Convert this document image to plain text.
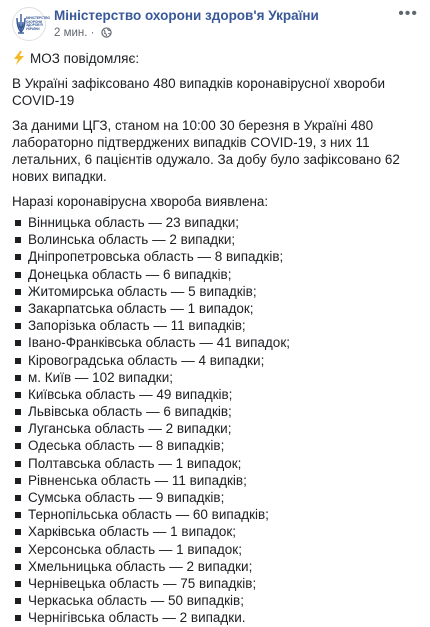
МІНІСТЕРСТВО ОХОРОНИ ЗДОРОВ'Я УКРАЇНИ
Міністерство охорони здоров'я України
2 мин. ·
•••

МОЗ повідомляє:

В Україні зафіксовано 480 випадків коронавірусної хвороби COVID-19

За даними ЦГЗ, станом на 10:00 30 березня в Україні 480 лабораторно підтверджених випадків COVID-19, з них 11 летальних, 6 пацієнтів одужало. За добу було зафіксовано 62 нових випадки.

Наразі коронавірусна хвороба виявлена:

Вінницька область — 23 випадки;
Волинська область — 2 випадки;
Дніпропетровська область — 8 випадків;
Донецька область — 6 випадків;
Житомирська область — 5 випадків;
Закарпатська область — 1 випадок;
Запорізька область — 11 випадків;
Івано-Франківська область — 41 випадок;
Кіровоградська область — 4 випадки;
м. Київ — 102 випадки;
Київська область — 49 випадків;
Львівська область — 6 випадків;
Луганська область — 2 випадки;
Одеська область — 8 випадків;
Полтавська область — 1 випадок;
Рівненська область — 11 випадків;
Сумська область — 9 випадків;
Тернопільська область — 60 випадків;
Харківська область — 1 випадок;
Херсонська область — 1 випадок;
Хмельницька область — 2 випадки;
Чернівецька область — 75 випадків;
Черкаська область — 50 випадків;
Чернігівська область — 2 випадки.
